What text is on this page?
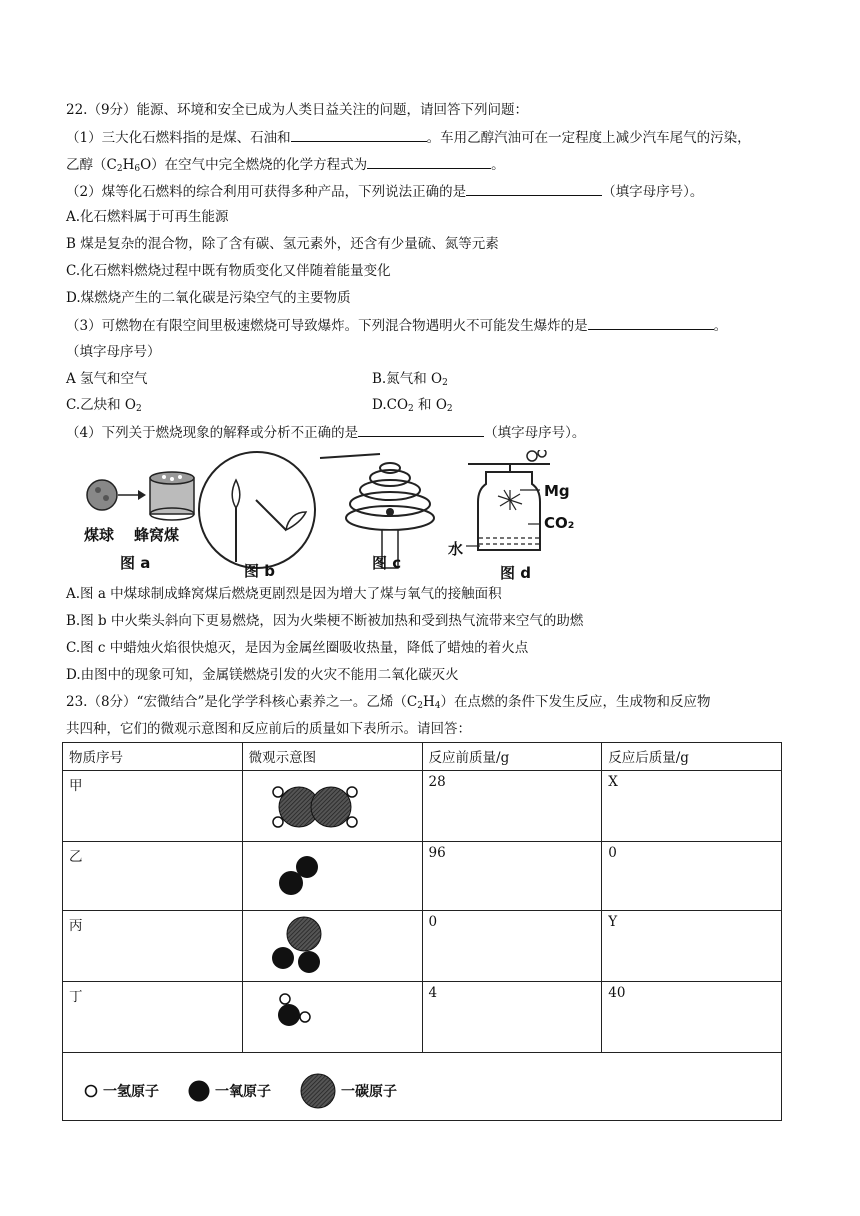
22.（9分）能源、环境和安全已成为人类日益关注的问题，请回答下列问题：
（1）三大化石燃料指的是煤、石油和	。车用乙醇汽油可在一定程度上减少汽车尾气的污染，
乙醇$(C_2H_6O)$在空气中完全燃烧的化学方程式为	。
（2）煤等化石燃料的综合利用可获得多种产品，下列说法正确的是	（填字母序号）。
A.化石燃料属于可再生能源
B 煤是复杂的混合物，除了含有碳、氢元素外，还含有少量硫、氮等元素
C.化石燃料燃烧过程中既有物质变化又伴随着能量变化
D.煤燃烧产生的二氧化碳是污染空气的主要物质
（3）可燃物在有限空间里极速燃烧可导致爆炸。下列混合物遇明火不可能发生爆炸的是	。
（填字母序号）
A 氢气和空气	B.氮气和 $O_2$
C.乙炔和 $O_2$	$D.CO_2$ 和 $O_2$
（4）下列关于燃烧现象的解释或分析不正确的是	（填字母序号）。
煤球 蜂窝煤
图 a	图 b	图 c
Mg
CO₂
水
图 d
A.图 a 中煤球制成蜂窝煤后燃烧更剧烈是因为增大了煤与氧气的接触面积
B.图 b 中火柴头斜向下更易燃烧，因为火柴梗不断被加热和受到热气流带来空气的助燃
C.图 c 中蜡烛火焰很快熄灭，是因为金属丝圈吸收热量，降低了蜡烛的着火点
D.由图中的现象可知，金属镁燃烧引发的火灾不能用二氧化碳灭火
23.（8分）“宏微结合”是化学学科核心素养之一。乙烯$(C_2H_4)$在点燃的条件下发生反应，生成物和反应物
共四种，它们的微观示意图和反应前后的质量如下表所示。请回答：
物质序号	微观示意图	反应前质量/g	反应后质量/g
甲		28	X
乙		96	0
丙		0	Y
丁		4	40

一氢原子 一氧原子 一碳原子			
